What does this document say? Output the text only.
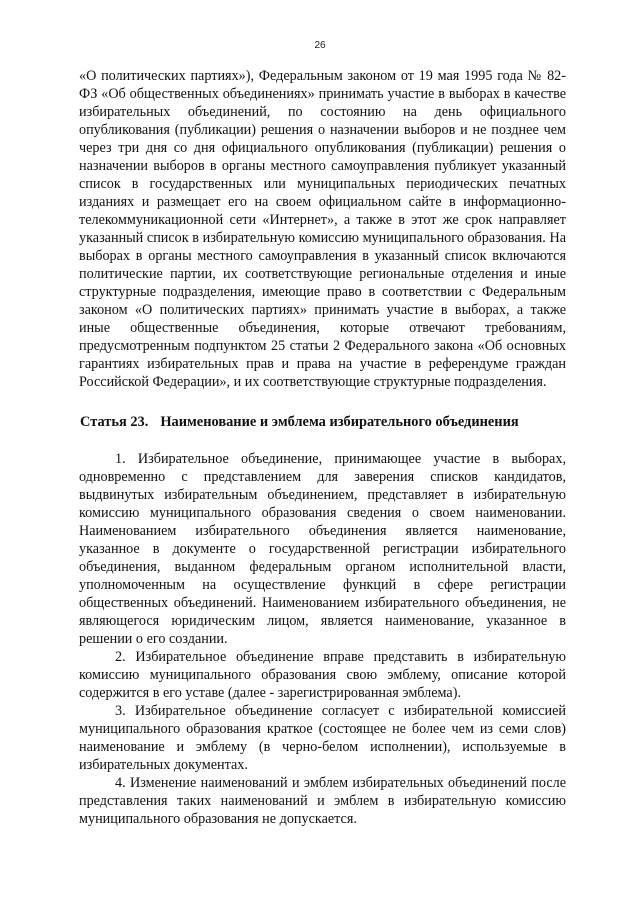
26

«О политических партиях»), Федеральным законом от 19 мая 1995 года № 82-ФЗ «Об общественных объединениях» принимать участие в выборах в качестве избирательных объединений, по состоянию на день официального опубликования (публикации) решения о назначении выборов и не позднее чем через три дня со дня официального опубликования (публикации) решения о назначении выборов в органы местного самоуправления публикует указанный список в государственных или муниципальных периодических печатных изданиях и размещает его на своем официальном сайте в информационно-телекоммуникационной сети «Интернет», а также в этот же срок направляет указанный список в избирательную комиссию муниципального образования. На выборах в органы местного самоуправления в указанный список включаются политические партии, их соответствующие региональные отделения и иные структурные подразделения, имеющие право в соответствии с Федеральным законом «О политических партиях» принимать участие в выборах, а также иные общественные объединения, которые отвечают требованиям, предусмотренным подпунктом 25 статьи 2 Федерального закона «Об основных гарантиях избирательных прав и права на участие в референдуме граждан Российской Федерации», и их соответствующие структурные подразделения.

Статья 23. Наименование и эмблема избирательного объединения

1. Избирательное объединение, принимающее участие в выборах, одновременно с представлением для заверения списков кандидатов, выдвинутых избирательным объединением, представляет в избирательную комиссию муниципального образования сведения о своем наименовании. Наименованием избирательного объединения является наименование, указанное в документе о государственной регистрации избирательного объединения, выданном федеральным органом исполнительной власти, уполномоченным на осуществление функций в сфере регистрации общественных объединений. Наименованием избирательного объединения, не являющегося юридическим лицом, является наименование, указанное в решении о его создании.

2. Избирательное объединение вправе представить в избирательную комиссию муниципального образования свою эмблему, описание которой содержится в его уставе (далее - зарегистрированная эмблема).

3. Избирательное объединение согласует с избирательной комиссией муниципального образования краткое (состоящее не более чем из семи слов) наименование и эмблему (в черно-белом исполнении), используемые в избирательных документах.

4. Изменение наименований и эмблем избирательных объединений после представления таких наименований и эмблем в избирательную комиссию муниципального образования не допускается.
